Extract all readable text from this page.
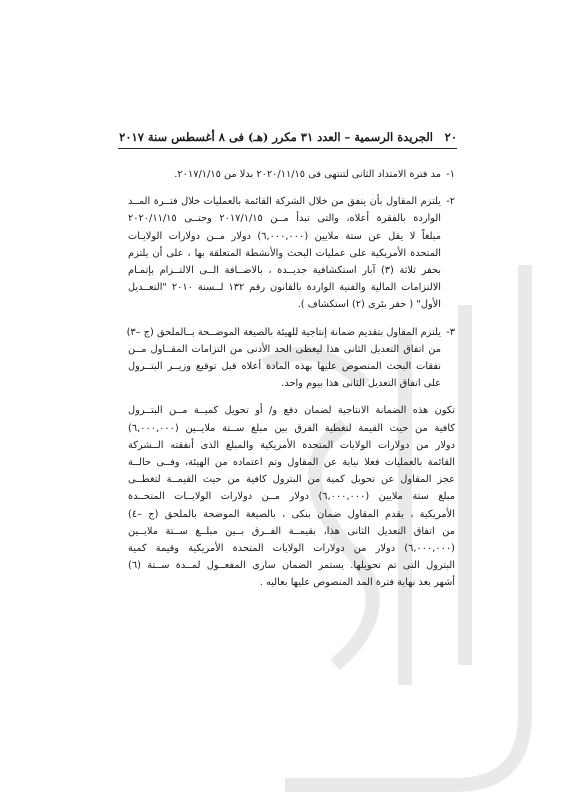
٢٠
الجريدة الرسمية – العدد ٣١ مكرر (هـ) فى ٨ أغسطس سنة ٢٠١٧
١-
مد فترة الامتداد الثانى لتنتهى فى ٢٠٢٠/١١/١٥ بدلا من ٢٠١٧/١/١٥.
٢-
يلتزم المقاول بأن ينفق من خلال الشركة القائمة بالعمليات خلال فتــرة المــد
الواردة بالفقرة أعلاه، والتى تبدأ مــن ٢٠١٧/١/١٥ وحتــى ٢٠٢٠/١١/١٥
مبلغاً لا يقل عن ستة ملايين (٦,٠٠٠,٠٠٠) دولار مــن دولارات الولايـات
المتحدة الأمريكية على عمليات البحث والأنشطة المتعلقة بها ، على أن يلتزم
بحفر ثلاثة (٣) آبار استكشافية جديــدة ، بالاضــافة الــى الالتــزام بإتمـام
الالتزامات المالية والفنية الواردة بالقانون رقم ١٣٢ لــسنة ٢٠١٠ "التعــديل
الأول" ( حفر بئرى (٢) استكشاف ).
٣-
يلتزم المقاول بتقديم ضمانة إنتاجية للهيئة بالصيغة الموضــحة بــالملحق (ج –٣)
من اتفاق التعديل الثانى هذا ليغطى الحد الأدنى من التزامات المقــاول مــن
نفقات البحث المنصوص عليها بهذه المادة أعلاه قبل توقيع وزيــر البتــرول
على اتفاق التعديل الثانى هذا بيوم واحد.
تكون هذه الضمانة الانتاجية لضمان دفع و/ أو تحويل كميــة مــن البتــرول
كافية من حيث القيمة لتغطية الفرق بين مبلغ ســتة ملايــين (٦,٠٠٠,٠٠٠)
دولار من دولارات الولايات المتحدة الأمريكية والمبلغ الذى أنفقته الــشركة
القائمة بالعمليات فعلا نيابة عن المقاول وتم اعتماده من الهيئة، وفــى حالــة
عجز المقاول عن تحويل كمية من البترول كافية من حيث القيمــة لتغطــى
مبلغ ستة ملايين (٦,٠٠٠,٠٠٠) دولار مــن دولارات الولايــات المتحــدة
الأمريكية ، يقدم المقاول ضمان بنكى ، بالصيغة الموضحة بالملحق (ج –٤)
من اتفاق التعديل الثانى هذا، بقيمــة الفــرق بــين مبلــغ ســتة ملايــين
(٦,٠٠٠,٠٠٠) دولار من دولارات الولايات المتحدة الأمريكية وقيمة كمية
البترول التى تم تحويلها. يستمر الضمان ساري المفعــول لمــدة ســتة (٦)
أشهر بعد نهاية فترة المد المنصوص عليها بعاليه .
